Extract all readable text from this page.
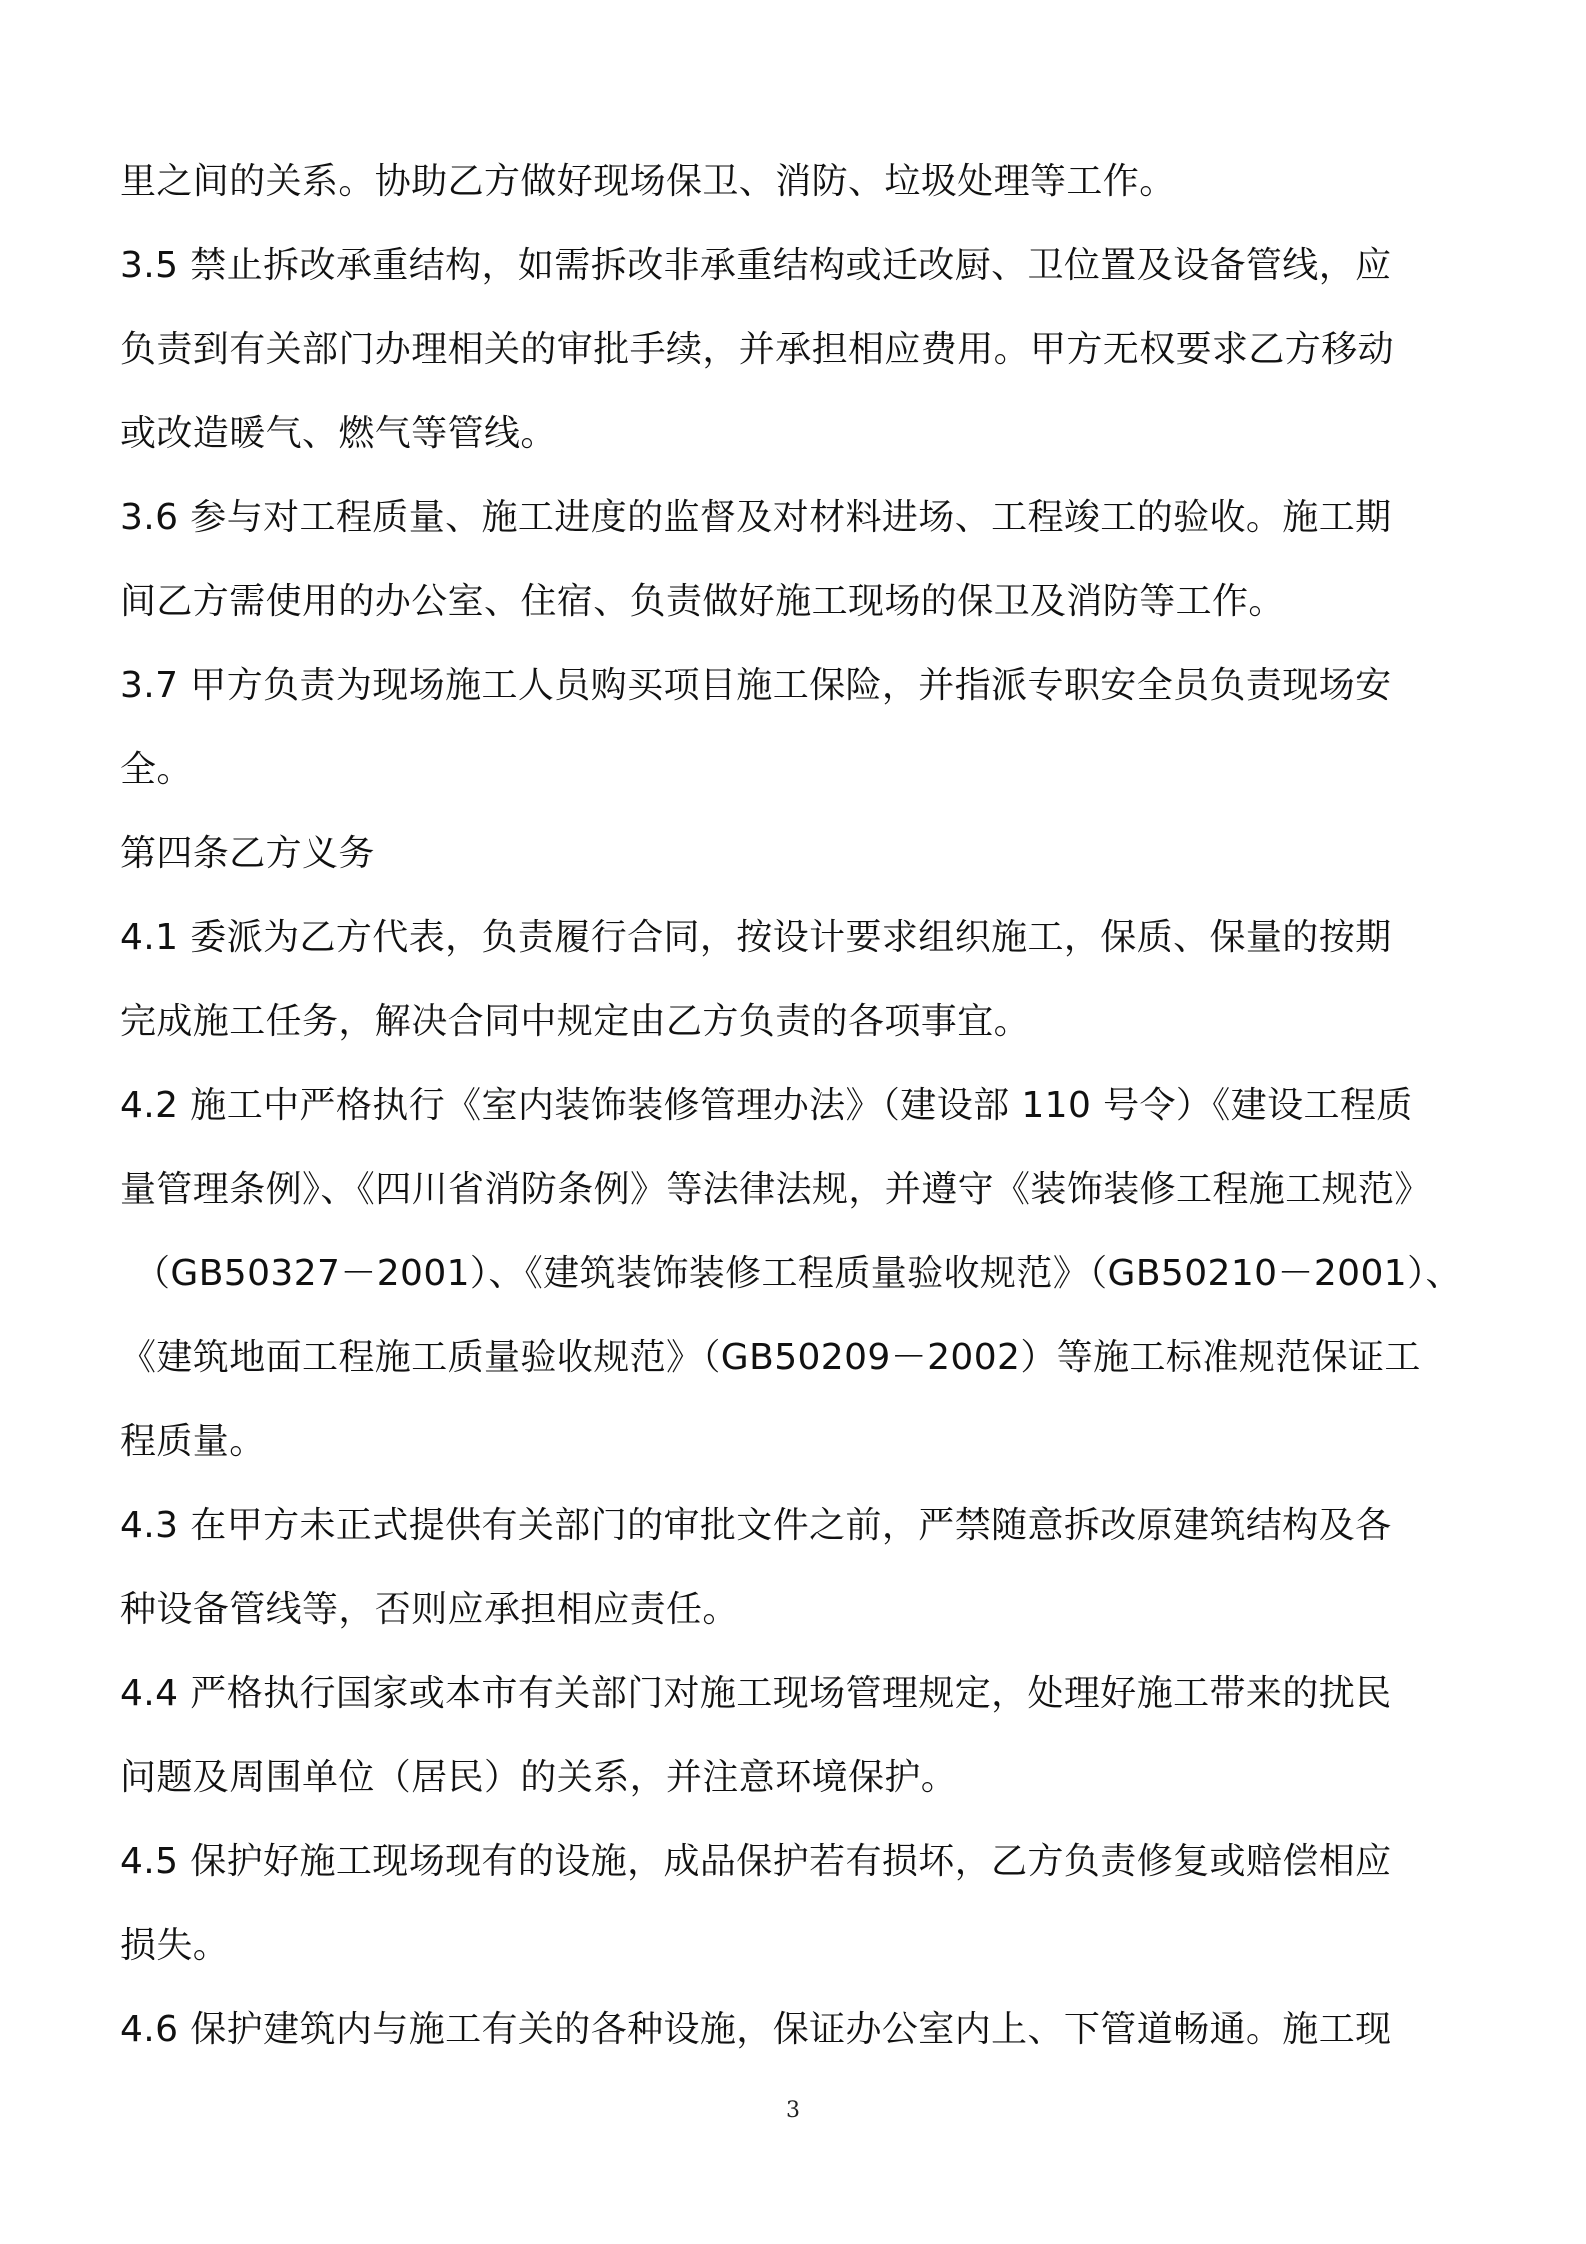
里之间的关系。协助乙方做好现场保卫、消防、垃圾处理等工作。
3.5 禁止拆改承重结构，如需拆改非承重结构或迁改厨、卫位置及设备管线，应
负责到有关部门办理相关的审批手续，并承担相应费用。甲方无权要求乙方移动
或改造暖气、燃气等管线。
3.6 参与对工程质量、施工进度的监督及对材料进场、工程竣工的验收。施工期
间乙方需使用的办公室、住宿、负责做好施工现场的保卫及消防等工作。
3.7 甲方负责为现场施工人员购买项目施工保险，并指派专职安全员负责现场安
全。
第四条乙方义务
4.1 委派为乙方代表，负责履行合同，按设计要求组织施工，保质、保量的按期
完成施工任务，解决合同中规定由乙方负责的各项事宜。
4.2 施工中严格执行《室内装饰装修管理办法》（建设部 110 号令）《建设工程质
量管理条例》、《四川省消防条例》等法律法规，并遵守《装饰装修工程施工规范》
（GB50327－2001）、《建筑装饰装修工程质量验收规范》（GB50210－2001）、
《建筑地面工程施工质量验收规范》（GB50209－2002）等施工标准规范保证工
程质量。
4.3 在甲方未正式提供有关部门的审批文件之前，严禁随意拆改原建筑结构及各
种设备管线等，否则应承担相应责任。
4.4 严格执行国家或本市有关部门对施工现场管理规定，处理好施工带来的扰民
问题及周围单位（居民）的关系，并注意环境保护。
4.5 保护好施工现场现有的设施，成品保护若有损坏，乙方负责修复或赔偿相应
损失。
4.6 保护建筑内与施工有关的各种设施，保证办公室内上、下管道畅通。施工现
3
